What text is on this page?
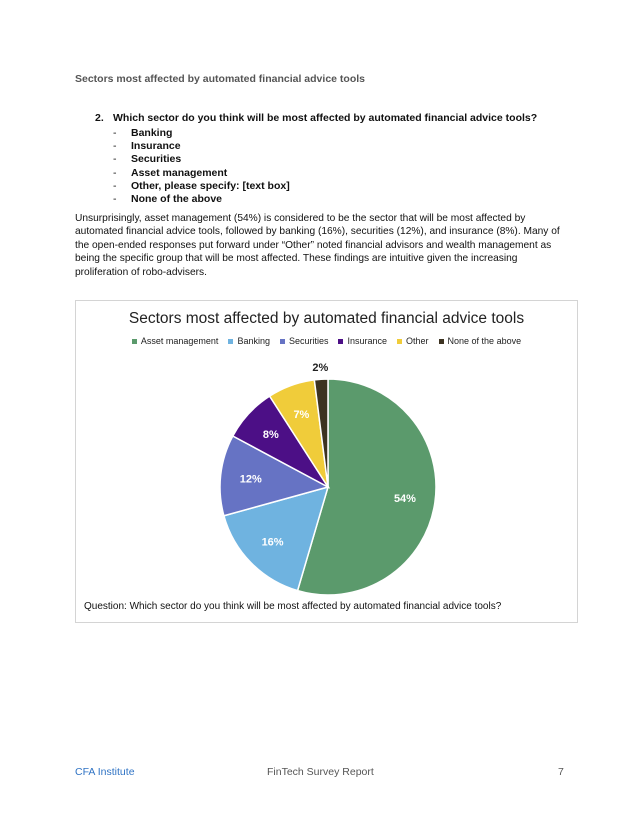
Sectors most affected by automated financial advice tools
2. Which sector do you think will be most affected by automated financial advice tools?
- Banking
- Insurance
- Securities
- Asset management
- Other, please specify: [text box]
- None of the above

Unsurprisingly, asset management (54%) is considered to be the sector that will be most affected by automated financial advice tools, followed by banking (16%), securities (12%), and insurance (8%). Many of the open-ended responses put forward under “Other” noted financial advisors and wealth management as being the specific group that will be most affected. These findings are intuitive given the increasing proliferation of robo-advisers.

Sectors most affected by automated financial advice tools
Asset management Banking Securities Insurance Other None of the above
54%
16%
12%
8%
7%
2%
Question: Which sector do you think will be most affected by automated financial advice tools?
CFA Institute	FinTech Survey Report	7
